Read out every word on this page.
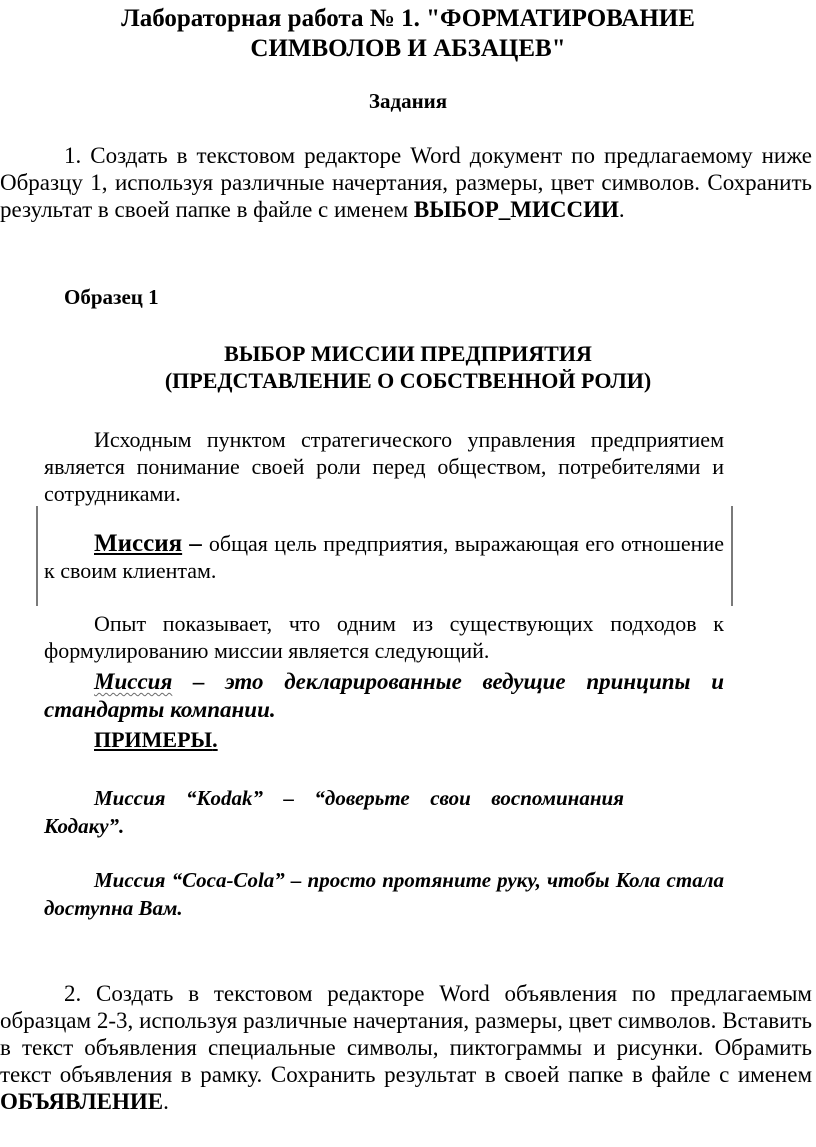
Лабораторная работа № 1. "ФОРМАТИРОВАНИЕ
СИМВОЛОВ И АБЗАЦЕВ"
Задания
1. Создать в текстовом редакторе Word документ по предлагаемому ниже Образцу 1, используя различные начертания, размеры, цвет символов. Сохранить результат в своей папке в файле с именем ВЫБОР_МИССИИ.
Образец 1
ВЫБОР МИССИИ ПРЕДПРИЯТИЯ
(ПРЕДСТАВЛЕНИЕ О СОБСТВЕННОЙ РОЛИ)
Исходным пунктом стратегического управления предприятием является понимание своей роли перед обществом, потребителями и сотрудниками.
Миссия – общая цель предприятия, выражающая его отношение к своим клиентам.
Опыт показывает, что одним из существующих подходов к формулированию миссии является следующий.
Миссия – это декларированные ведущие принципы и стандарты компании.
ПРИМЕРЫ.
Миссия “Kodak” – “доверьте свои воспоминания Кодаку”.
Миссия “Coca-Cola” – просто протяните руку, чтобы Кола стала доступна Вам.
2. Создать в текстовом редакторе Word объявления по предлагаемым образцам 2-3, используя различные начертания, размеры, цвет символов. Вставить в текст объявления специальные символы, пиктограммы и рисунки. Обрамить текст объявления в рамку. Сохранить результат в своей папке в файле с именем ОБЪЯВЛЕНИЕ.
